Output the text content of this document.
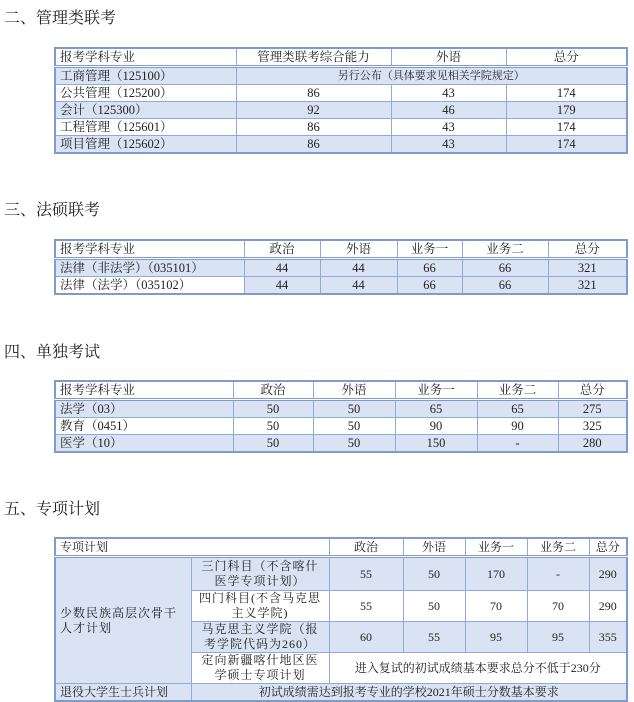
二、管理类联考
报考学科专业	管理类联考综合能力	外语	总分
工商管理（125100）	另行公布（具体要求见相关学院规定）		
公共管理（125200）	86	43	174
会计（125300）	92	46	179
工程管理（125601）	86	43	174
项目管理（125602）	86	43	174
三、法硕联考
报考学科专业	政治	外语	业务一	业务二	总分
法律（非法学）（035101）	44	44	66	66	321
法律（法学）（035102）	44	44	66	66	321
四、单独考试
报考学科专业	政治	外语	业务一	业务二	总分
法学（03）	50	50	65	65	275
教育（0451）	50	50	90	90	325
医学（10）	50	50	150	-	280
五、专项计划
专项计划		政治	外语	业务一	业务二	总分
少数民族高层次骨干人才计划	三门科目（不含喀什医学专项计划）	55	50	170	-	290
	四门科目(不含马克思主义学院)	55	50	70	70	290
	马克思主义学院（报考学院代码为260）	60	55	95	95	355
	定向新疆喀什地区医学硕士专项计划	进入复试的初试成绩基本要求总分不低于230分				
退役大学生士兵计划	初试成绩需达到报考专业的学校2021年硕士分数基本要求					
